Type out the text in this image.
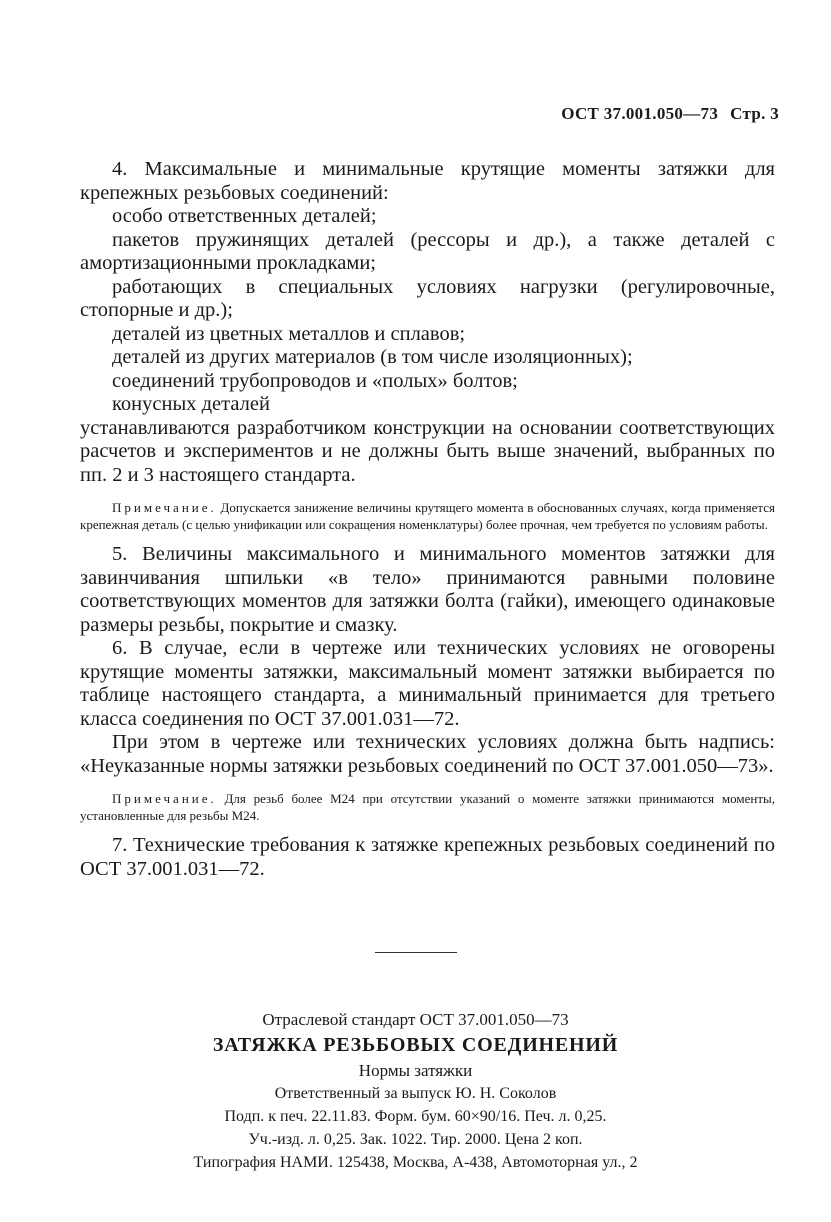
ОСТ 37.001.050—73 Стр. 3

4. Максимальные и минимальные крутящие моменты затяжки для крепежных резьбовых соединений:

особо ответственных деталей;

пакетов пружинящих деталей (рессоры и др.), а также деталей с амортизационными прокладками;

работающих в специальных условиях нагрузки (регулировочные, стопорные и др.);

деталей из цветных металлов и сплавов;

деталей из других материалов (в том числе изоляционных);

соединений трубопроводов и «полых» болтов;

конусных деталей

устанавливаются разработчиком конструкции на основании соответствующих расчетов и экспериментов и не должны быть выше значений, выбранных по пп. 2 и 3 настоящего стандарта.

Примечание. Допускается занижение величины крутящего момента в обоснованных случаях, когда применяется крепежная деталь (с целью унификации или сокращения номенклатуры) более прочная, чем требуется по условиям работы.

5. Величины максимального и минимального моментов затяжки для завинчивания шпильки «в тело» принимаются равными половине соответствующих моментов для затяжки болта (гайки), имеющего одинаковые размеры резьбы, покрытие и смазку.

6. В случае, если в чертеже или технических условиях не оговорены крутящие моменты затяжки, максимальный момент затяжки выбирается по таблице настоящего стандарта, а минимальный принимается для третьего класса соединения по ОСТ 37.001.031—72.

При этом в чертеже или технических условиях должна быть надпись: «Неуказанные нормы затяжки резьбовых соединений по ОСТ 37.001.050—73».

Примечание. Для резьб более М24 при отсутствии указаний о моменте затяжки принимаются моменты, установленные для резьбы М24.

7. Технические требования к затяжке крепежных резьбовых соединений по ОСТ 37.001.031—72.

Отраслевой стандарт ОСТ 37.001.050—73
ЗАТЯЖКА РЕЗЬБОВЫХ СОЕДИНЕНИЙ
Нормы затяжки
Ответственный за выпуск Ю. Н. Соколов
Подп. к печ. 22.11.83. Форм. бум. 60×90/16. Печ. л. 0,25.
Уч.-изд. л. 0,25. Зак. 1022. Тир. 2000. Цена 2 коп.
Типография НАМИ. 125438, Москва, А-438, Автомоторная ул., 2
